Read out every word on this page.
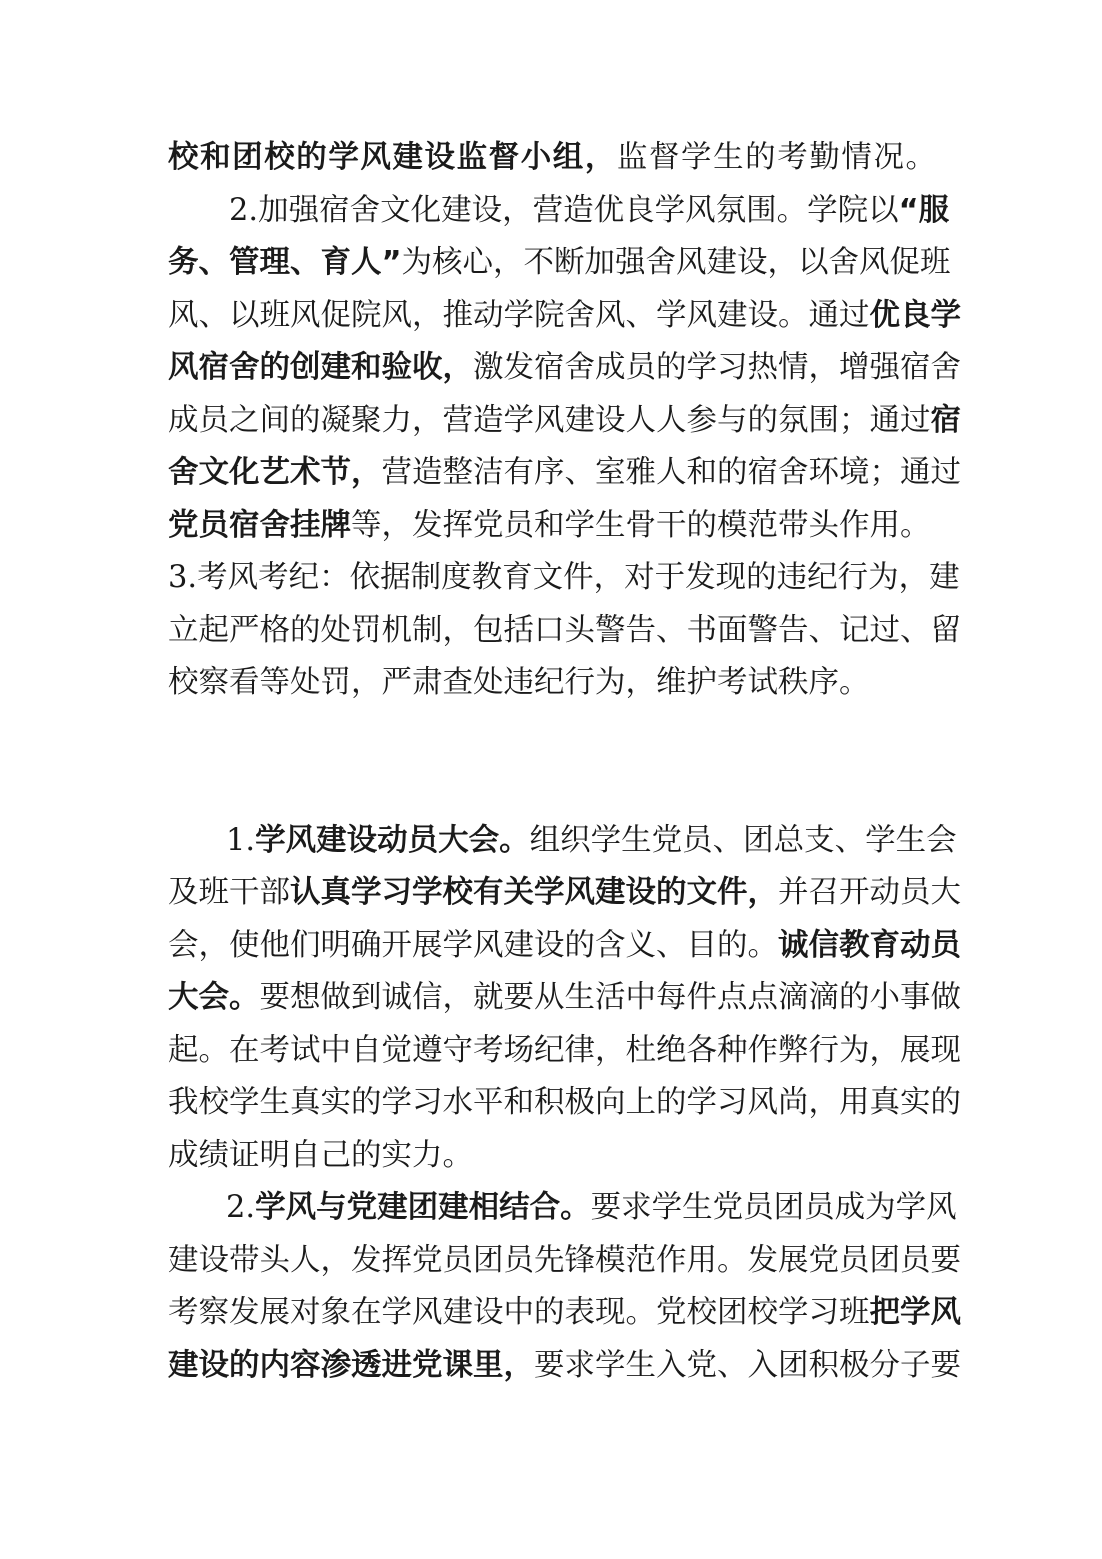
校和团校的学风建设监督小组，监督学生的考勤情况。
2.加强宿舍文化建设，营造优良学风氛围。学院以“服
务、管理、育人”为核心，不断加强舍风建设，以舍风促班
风、以班风促院风，推动学院舍风、学风建设。通过优良学
风宿舍的创建和验收，激发宿舍成员的学习热情，增强宿舍
成员之间的凝聚力，营造学风建设人人参与的氛围；通过宿
舍文化艺术节，营造整洁有序、室雅人和的宿舍环境；通过
党员宿舍挂牌等，发挥党员和学生骨干的模范带头作用。
3.考风考纪：依据制度教育文件，对于发现的违纪行为，建
立起严格的处罚机制，包括口头警告、书面警告、记过、留
校察看等处罚，严肃查处违纪行为，维护考试秩序。
1.学风建设动员大会。组织学生党员、团总支、学生会
及班干部认真学习学校有关学风建设的文件，并召开动员大
会，使他们明确开展学风建设的含义、目的。诚信教育动员
大会。要想做到诚信，就要从生活中每件点点滴滴的小事做
起。在考试中自觉遵守考场纪律，杜绝各种作弊行为，展现
我校学生真实的学习水平和积极向上的学习风尚，用真实的
成绩证明自己的实力。
2.学风与党建团建相结合。要求学生党员团员成为学风
建设带头人，发挥党员团员先锋模范作用。发展党员团员要
考察发展对象在学风建设中的表现。党校团校学习班把学风
建设的内容渗透进党课里，要求学生入党、入团积极分子要
